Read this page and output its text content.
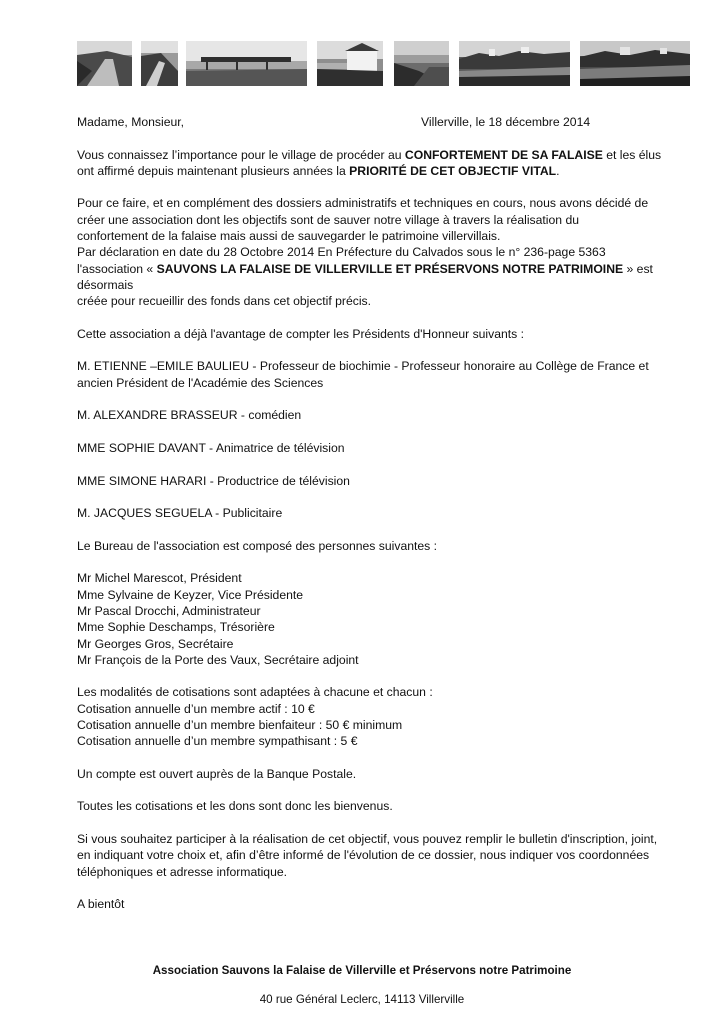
Madame, Monsieur,	Villerville, le 18 décembre 2014

Vous connaissez l’importance pour le village de procéder au CONFORTEMENT DE SA FALAISE et les élus ont affirmé depuis maintenant plusieurs années la PRIORITÉ DE CET OBJECTIF VITAL.

Pour ce faire, et en complément des dossiers administratifs et techniques en cours, nous avons décidé de
créer une association dont les objectifs sont de sauver notre village à travers la réalisation du
confortement de la falaise mais aussi de sauvegarder le patrimoine villervillais.
Par déclaration en date du 28 Octobre 2014 En Préfecture du Calvados sous le n° 236-page 5363
l'association « SAUVONS LA FALAISE DE VILLERVILLE ET PRÉSERVONS NOTRE PATRIMOINE » est désormais
créée pour recueillir des fonds dans cet objectif précis.

Cette association a déjà l'avantage de compter les Présidents d'Honneur suivants :

M. ETIENNE –EMILE BAULIEU - Professeur de biochimie - Professeur honoraire au Collège de France et
ancien Président de l'Académie des Sciences

M. ALEXANDRE BRASSEUR - comédien

MME SOPHIE DAVANT - Animatrice de télévision

MME SIMONE HARARI - Productrice de télévision

M. JACQUES SEGUELA - Publicitaire

Le Bureau de l'association est composé des personnes suivantes :

Mr Michel Marescot, Président
Mme Sylvaine de Keyzer, Vice Présidente
Mr Pascal Drocchi, Administrateur
Mme Sophie Deschamps, Trésorière
Mr Georges Gros, Secrétaire
Mr François de la Porte des Vaux, Secrétaire adjoint

Les modalités de cotisations sont adaptées à chacune et chacun :
Cotisation annuelle d’un membre actif : 10 €
Cotisation annuelle d’un membre bienfaiteur : 50 € minimum
Cotisation annuelle d’un membre sympathisant : 5 €

Un compte est ouvert auprès de la Banque Postale.

Toutes les cotisations et les dons sont donc les bienvenus.

Si vous souhaitez participer à la réalisation de cet objectif, vous pouvez remplir le bulletin d'inscription, joint,
en indiquant votre choix et, afin d’être informé de l'évolution de ce dossier, nous indiquer vos coordonnées
téléphoniques et adresse informatique.

A bientôt

Association Sauvons la Falaise de Villerville et Préservons notre Patrimoine
40 rue Général Leclerc, 14113 Villerville
